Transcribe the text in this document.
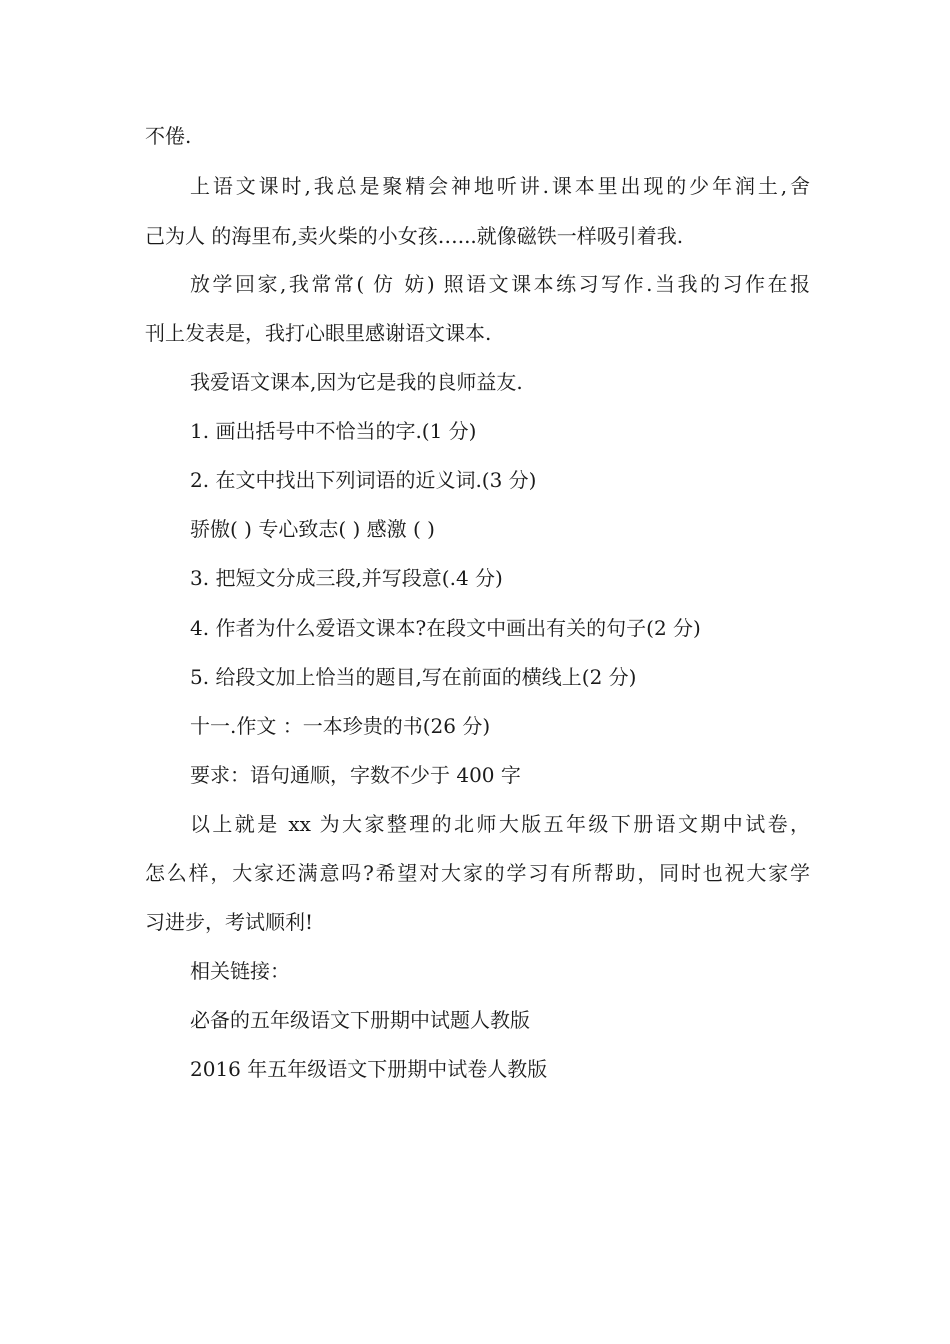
不倦.
上语文课时,我总是聚精会神地听讲.课本里出现的少年润土,舍
己为人 的海里布,卖火柴的小女孩…...就像磁铁一样吸引着我.
放学回家,我常常( 仿 妨) 照语文课本练习写作.当我的习作在报
刊上发表是，我打心眼里感谢语文课本.
我爱语文课本,因为它是我的良师益友.
1. 画出括号中不恰当的字.(1 分)
2. 在文中找出下列词语的近义词.(3 分)
骄傲( ) 专心致志( ) 感激 ( )
3. 把短文分成三段,并写段意(.4 分)
4. 作者为什么爱语文课本?在段文中画出有关的句子(2 分)
5. 给段文加上恰当的题目,写在前面的横线上(2 分)
十一.作文 ：一本珍贵的书(26 分)
要求：语句通顺，字数不少于 400 字
以上就是 xx 为大家整理的北师大版五年级下册语文期中试卷，
怎么样，大家还满意吗?希望对大家的学习有所帮助，同时也祝大家学
习进步，考试顺利!
相关链接：
必备的五年级语文下册期中试题人教版
2016 年五年级语文下册期中试卷人教版
